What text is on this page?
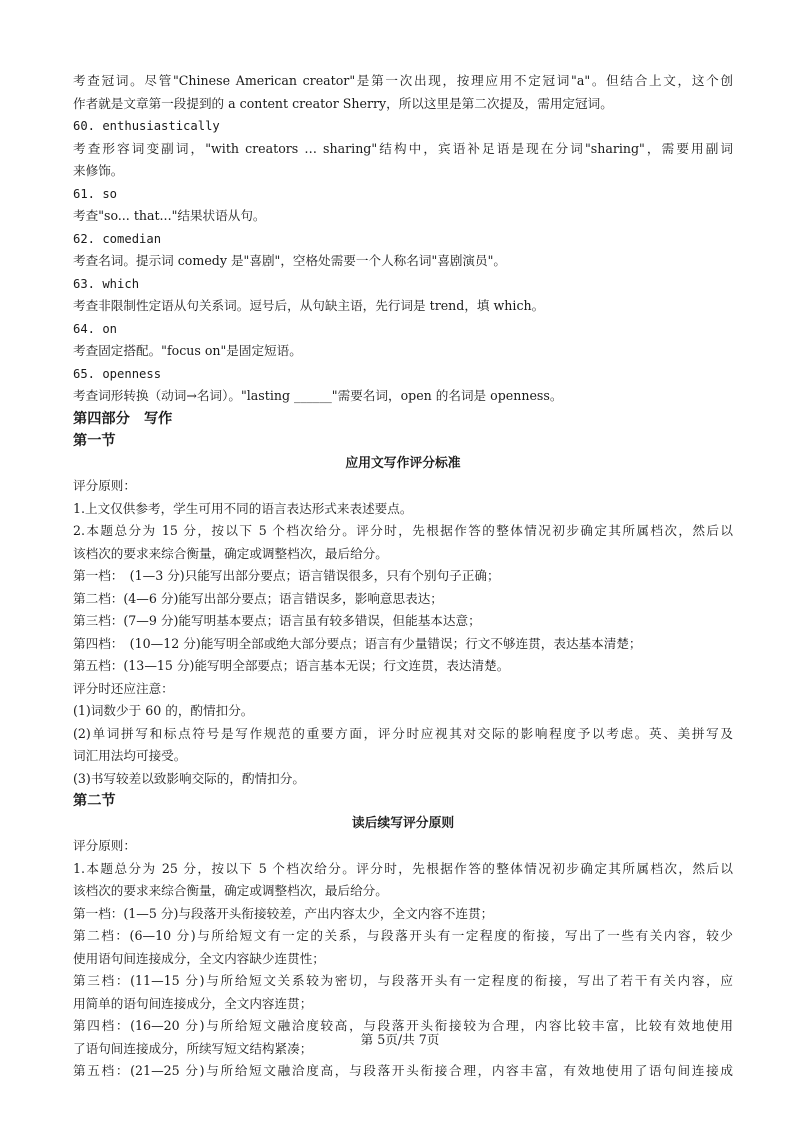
考查冠词。尽管"Chinese American creator"是第一次出现，按理应用不定冠词"a"。但结合上文，这个创
作者就是文章第一段提到的 a content creator Sherry，所以这里是第二次提及，需用定冠词。
60. enthusiastically
考查形容词变副词，"with creators … sharing"结构中，宾语补足语是现在分词"sharing"，需要用副词
来修饰。
61. so
考查"so... that..."结果状语从句。
62. comedian
考查名词。提示词 comedy 是"喜剧"，空格处需要一个人称名词"喜剧演员"。
63. which
考查非限制性定语从句关系词。逗号后，从句缺主语，先行词是 trend，填 which。
64. on
考查固定搭配。"focus on"是固定短语。
65. openness
考查词形转换（动词→名词）。"lasting ______"需要名词，open 的名词是 openness。
第四部分　写作
第一节
应用文写作评分标准
评分原则：
1.上文仅供参考，学生可用不同的语言表达形式来表述要点。
2.本题总分为 15 分，按以下 5 个档次给分。评分时，先根据作答的整体情况初步确定其所属档次，然后以
该档次的要求来综合衡量，确定或调整档次，最后给分。
第一档：　(1—3 分)只能写出部分要点；语言错误很多，只有个别句子正确；
第二档：(4—6 分)能写出部分要点；语言错误多，影响意思表达；
第三档：(7—9 分)能写明基本要点；语言虽有较多错误，但能基本达意；
第四档：　(10—12 分)能写明全部或绝大部分要点；语言有少量错误；行文不够连贯，表达基本清楚；
第五档：(13—15 分)能写明全部要点；语言基本无误；行文连贯，表达清楚。
评分时还应注意：
(1)词数少于 60 的，酌情扣分。
(2)单词拼写和标点符号是写作规范的重要方面，评分时应视其对交际的影响程度予以考虑。英、美拼写及
词汇用法均可接受。
(3)书写较差以致影响交际的，酌情扣分。
第二节
读后续写评分原则
评分原则：
1.本题总分为 25 分，按以下 5 个档次给分。评分时，先根据作答的整体情况初步确定其所属档次，然后以
该档次的要求来综合衡量，确定或调整档次，最后给分。
第一档：(1—5 分)与段落开头衔接较差，产出内容太少，全文内容不连贯；
第二档：(6—10 分)与所给短文有一定的关系，与段落开头有一定程度的衔接，写出了一些有关内容，较少
使用语句间连接成分，全文内容缺少连贯性；
第三档：(11—15 分)与所给短文关系较为密切，与段落开头有一定程度的衔接，写出了若干有关内容，应
用简单的语句间连接成分，全文内容连贯；
第四档：(16—20 分)与所给短文融洽度较高，与段落开头衔接较为合理，内容比较丰富，比较有效地使用
了语句间连接成分，所续写短文结构紧凑；
第五档：(21—25 分)与所给短文融洽度高，与段落开头衔接合理，内容丰富，有效地使用了语句间连接成
第 5页/共 7页
